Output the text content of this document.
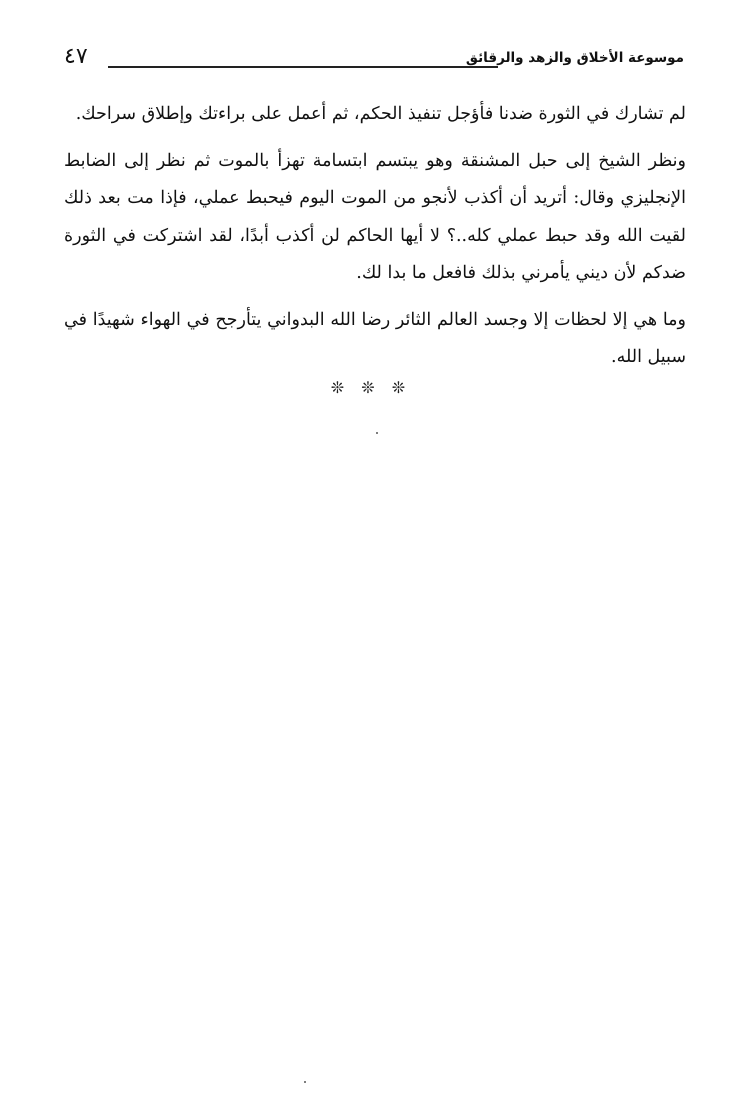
موسوعة الأخلاق والزهد والرقائق
٤٧

لم تشارك في الثورة ضدنا فأؤجل تنفيذ الحكم، ثم أعمل على براءتك وإطلاق سراحك.

ونظر الشيخ إلى حبل المشنقة وهو يبتسم ابتسامة تهزأ بالموت ثم نظر إلى الضابط الإنجليزي وقال: أتريد أن أكذب لأنجو من الموت اليوم فيحبط عملي، فإذا مت بعد ذلك لقيت الله وقد حبط عملي كله..؟ لا أيها الحاكم لن أكذب أبدًا، لقد اشتركت في الثورة ضدكم لأن ديني يأمرني بذلك فافعل ما بدا لك.

وما هي إلا لحظات إلا وجسد العالم الثائر رضا الله البدواني يتأرجح في الهواء شهيدًا في سبيل الله.

❊ ❊ ❊
